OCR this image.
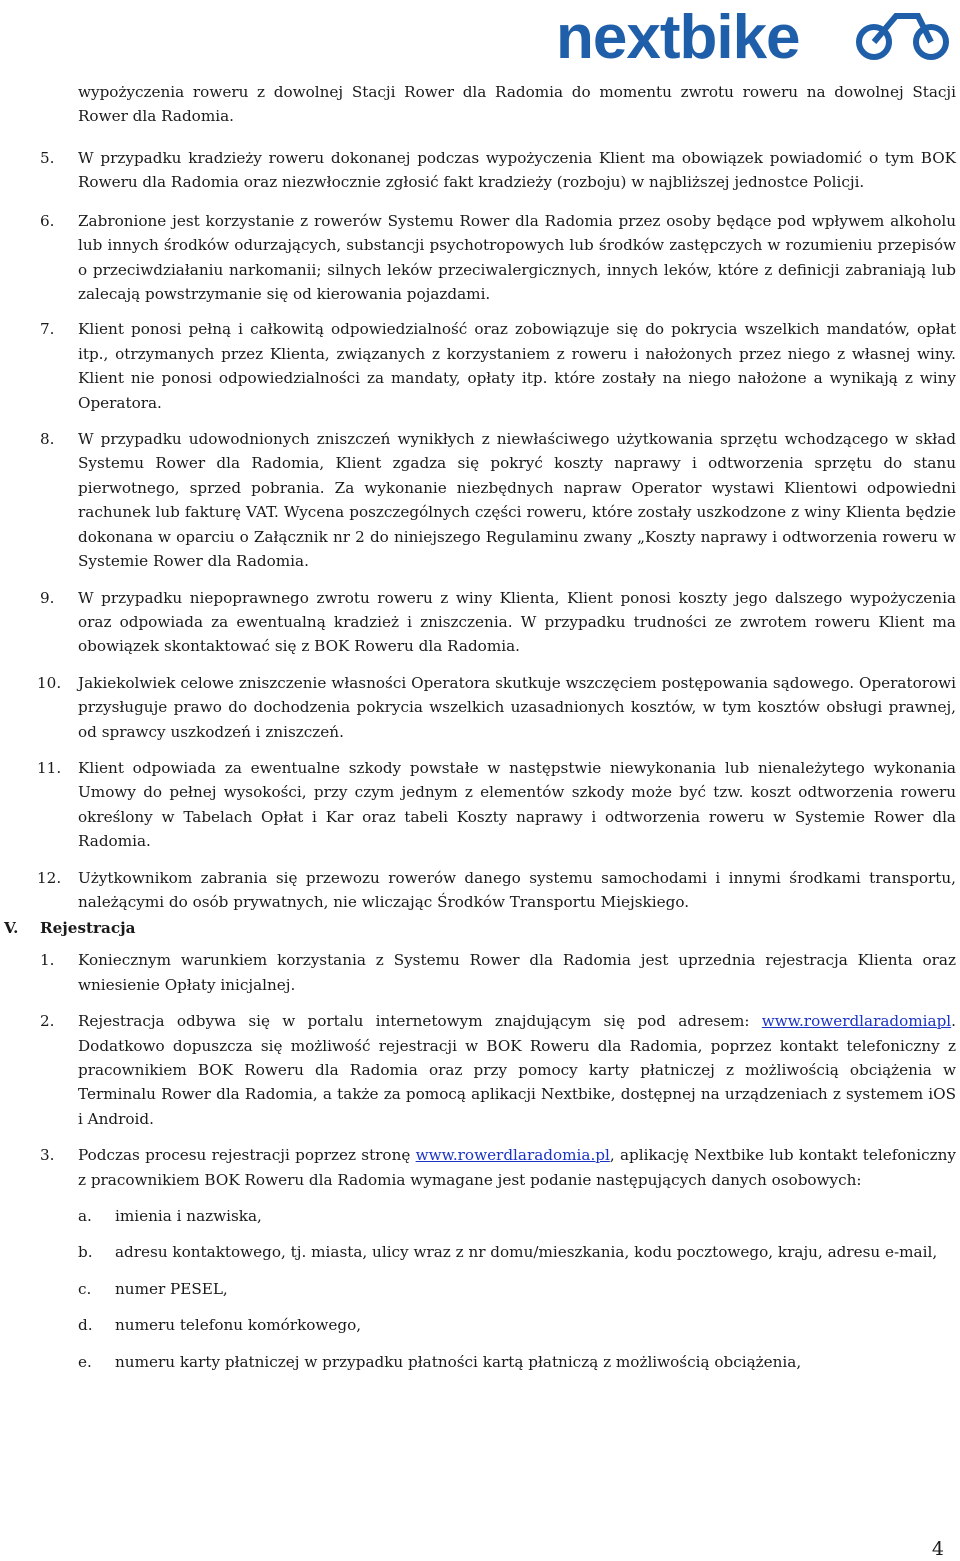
nextbike
wypożyczenia roweru z dowolnej Stacji Rower dla Radomia do momentu zwrotu roweru na dowolnej Stacji Rower dla Radomia.
5.	W przypadku kradzieży roweru dokonanej podczas wypożyczenia Klient ma obowiązek powiadomić o tym BOK Roweru dla Radomia oraz niezwłocznie zgłosić fakt kradzieży (rozboju) w najbliższej jednostce Policji.
6.	Zabronione jest korzystanie z rowerów Systemu Rower dla Radomia przez osoby będące pod wpływem alkoholu lub innych środków odurzających, substancji psychotropowych lub środków zastępczych w rozumieniu przepisów o przeciwdziałaniu narkomanii; silnych leków przeciwalergicznych, innych leków, które z definicji zabraniają lub zalecają powstrzymanie się od kierowania pojazdami.
7.	Klient ponosi pełną i całkowitą odpowiedzialność oraz zobowiązuje się do pokrycia wszelkich mandatów, opłat itp., otrzymanych przez Klienta, związanych z korzystaniem z roweru i nałożonych przez niego z własnej winy. Klient nie ponosi odpowiedzialności za mandaty, opłaty itp. które zostały na niego nałożone a wynikają z winy Operatora.
8.	W przypadku udowodnionych zniszczeń wynikłych z niewłaściwego użytkowania sprzętu wchodzącego w skład Systemu Rower dla Radomia, Klient zgadza się pokryć koszty naprawy i odtworzenia sprzętu do stanu pierwotnego, sprzed pobrania. Za wykonanie niezbędnych napraw Operator wystawi Klientowi odpowiedni rachunek lub fakturę VAT. Wycena poszczególnych części roweru, które zostały uszkodzone z winy Klienta będzie dokonana w oparciu o Załącznik nr 2 do niniejszego Regulaminu zwany „Koszty naprawy i odtworzenia roweru w Systemie Rower dla Radomia.
9.	W przypadku niepoprawnego zwrotu roweru z winy Klienta, Klient ponosi koszty jego dalszego wypożyczenia oraz odpowiada za ewentualną kradzież i zniszczenia. W przypadku trudności ze zwrotem roweru Klient ma obowiązek skontaktować się z BOK Roweru dla Radomia.
10.	Jakiekolwiek celowe zniszczenie własności Operatora skutkuje wszczęciem postępowania sądowego. Operatorowi przysługuje prawo do dochodzenia pokrycia wszelkich uzasadnionych kosztów, w tym kosztów obsługi prawnej, od sprawcy uszkodzeń i zniszczeń.
11.	Klient odpowiada za ewentualne szkody powstałe w następstwie niewykonania lub nienależytego wykonania Umowy do pełnej wysokości, przy czym jednym z elementów szkody może być tzw. koszt odtworzenia roweru określony w Tabelach Opłat i Kar oraz tabeli Koszty naprawy i odtworzenia roweru w Systemie Rower dla Radomia.
12.	Użytkownikom zabrania się przewozu rowerów danego systemu samochodami i innymi środkami transportu, należącymi do osób prywatnych, nie wliczając Środków Transportu Miejskiego.
V. Rejestracja
1.	Koniecznym warunkiem korzystania z Systemu Rower dla Radomia jest uprzednia rejestracja Klienta oraz wniesienie Opłaty inicjalnej.
2.	Rejestracja odbywa się w portalu internetowym znajdującym się pod adresem: www.rowerdlaradomiapl. Dodatkowo dopuszcza się możliwość rejestracji w BOK Roweru dla Radomia, poprzez kontakt telefoniczny z pracownikiem BOK Roweru dla Radomia oraz przy pomocy karty płatniczej z możliwością obciążenia w Terminalu Rower dla Radomia, a także za pomocą aplikacji Nextbike, dostępnej na urządzeniach z systemem iOS i Android.
3.	Podczas procesu rejestracji poprzez stronę www.rowerdlaradomia.pl, aplikację Nextbike lub kontakt telefoniczny z pracownikiem BOK Roweru dla Radomia wymagane jest podanie następujących danych osobowych:
a. imienia i nazwiska,
b. adresu kontaktowego, tj. miasta, ulicy wraz z nr domu/mieszkania, kodu pocztowego, kraju, adresu e-mail,
c. numer PESEL,
d. numeru telefonu komórkowego,
e. numeru karty płatniczej w przypadku płatności kartą płatniczą z możliwością obciążenia,
4
